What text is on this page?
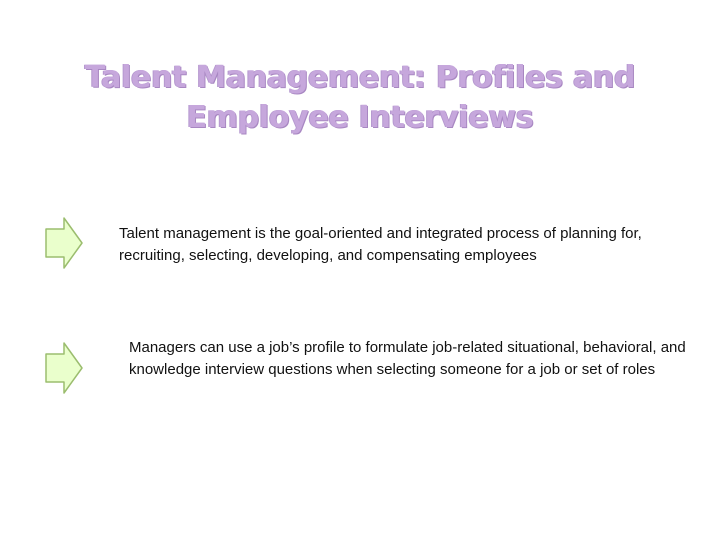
Talent Management: Profiles and Employee Interviews
Talent management is the goal-oriented and integrated process of planning for, recruiting, selecting, developing, and compensating employees
Managers can use a job’s profile to formulate job-related situational, behavioral, and knowledge interview questions when selecting someone for a job or set of roles
